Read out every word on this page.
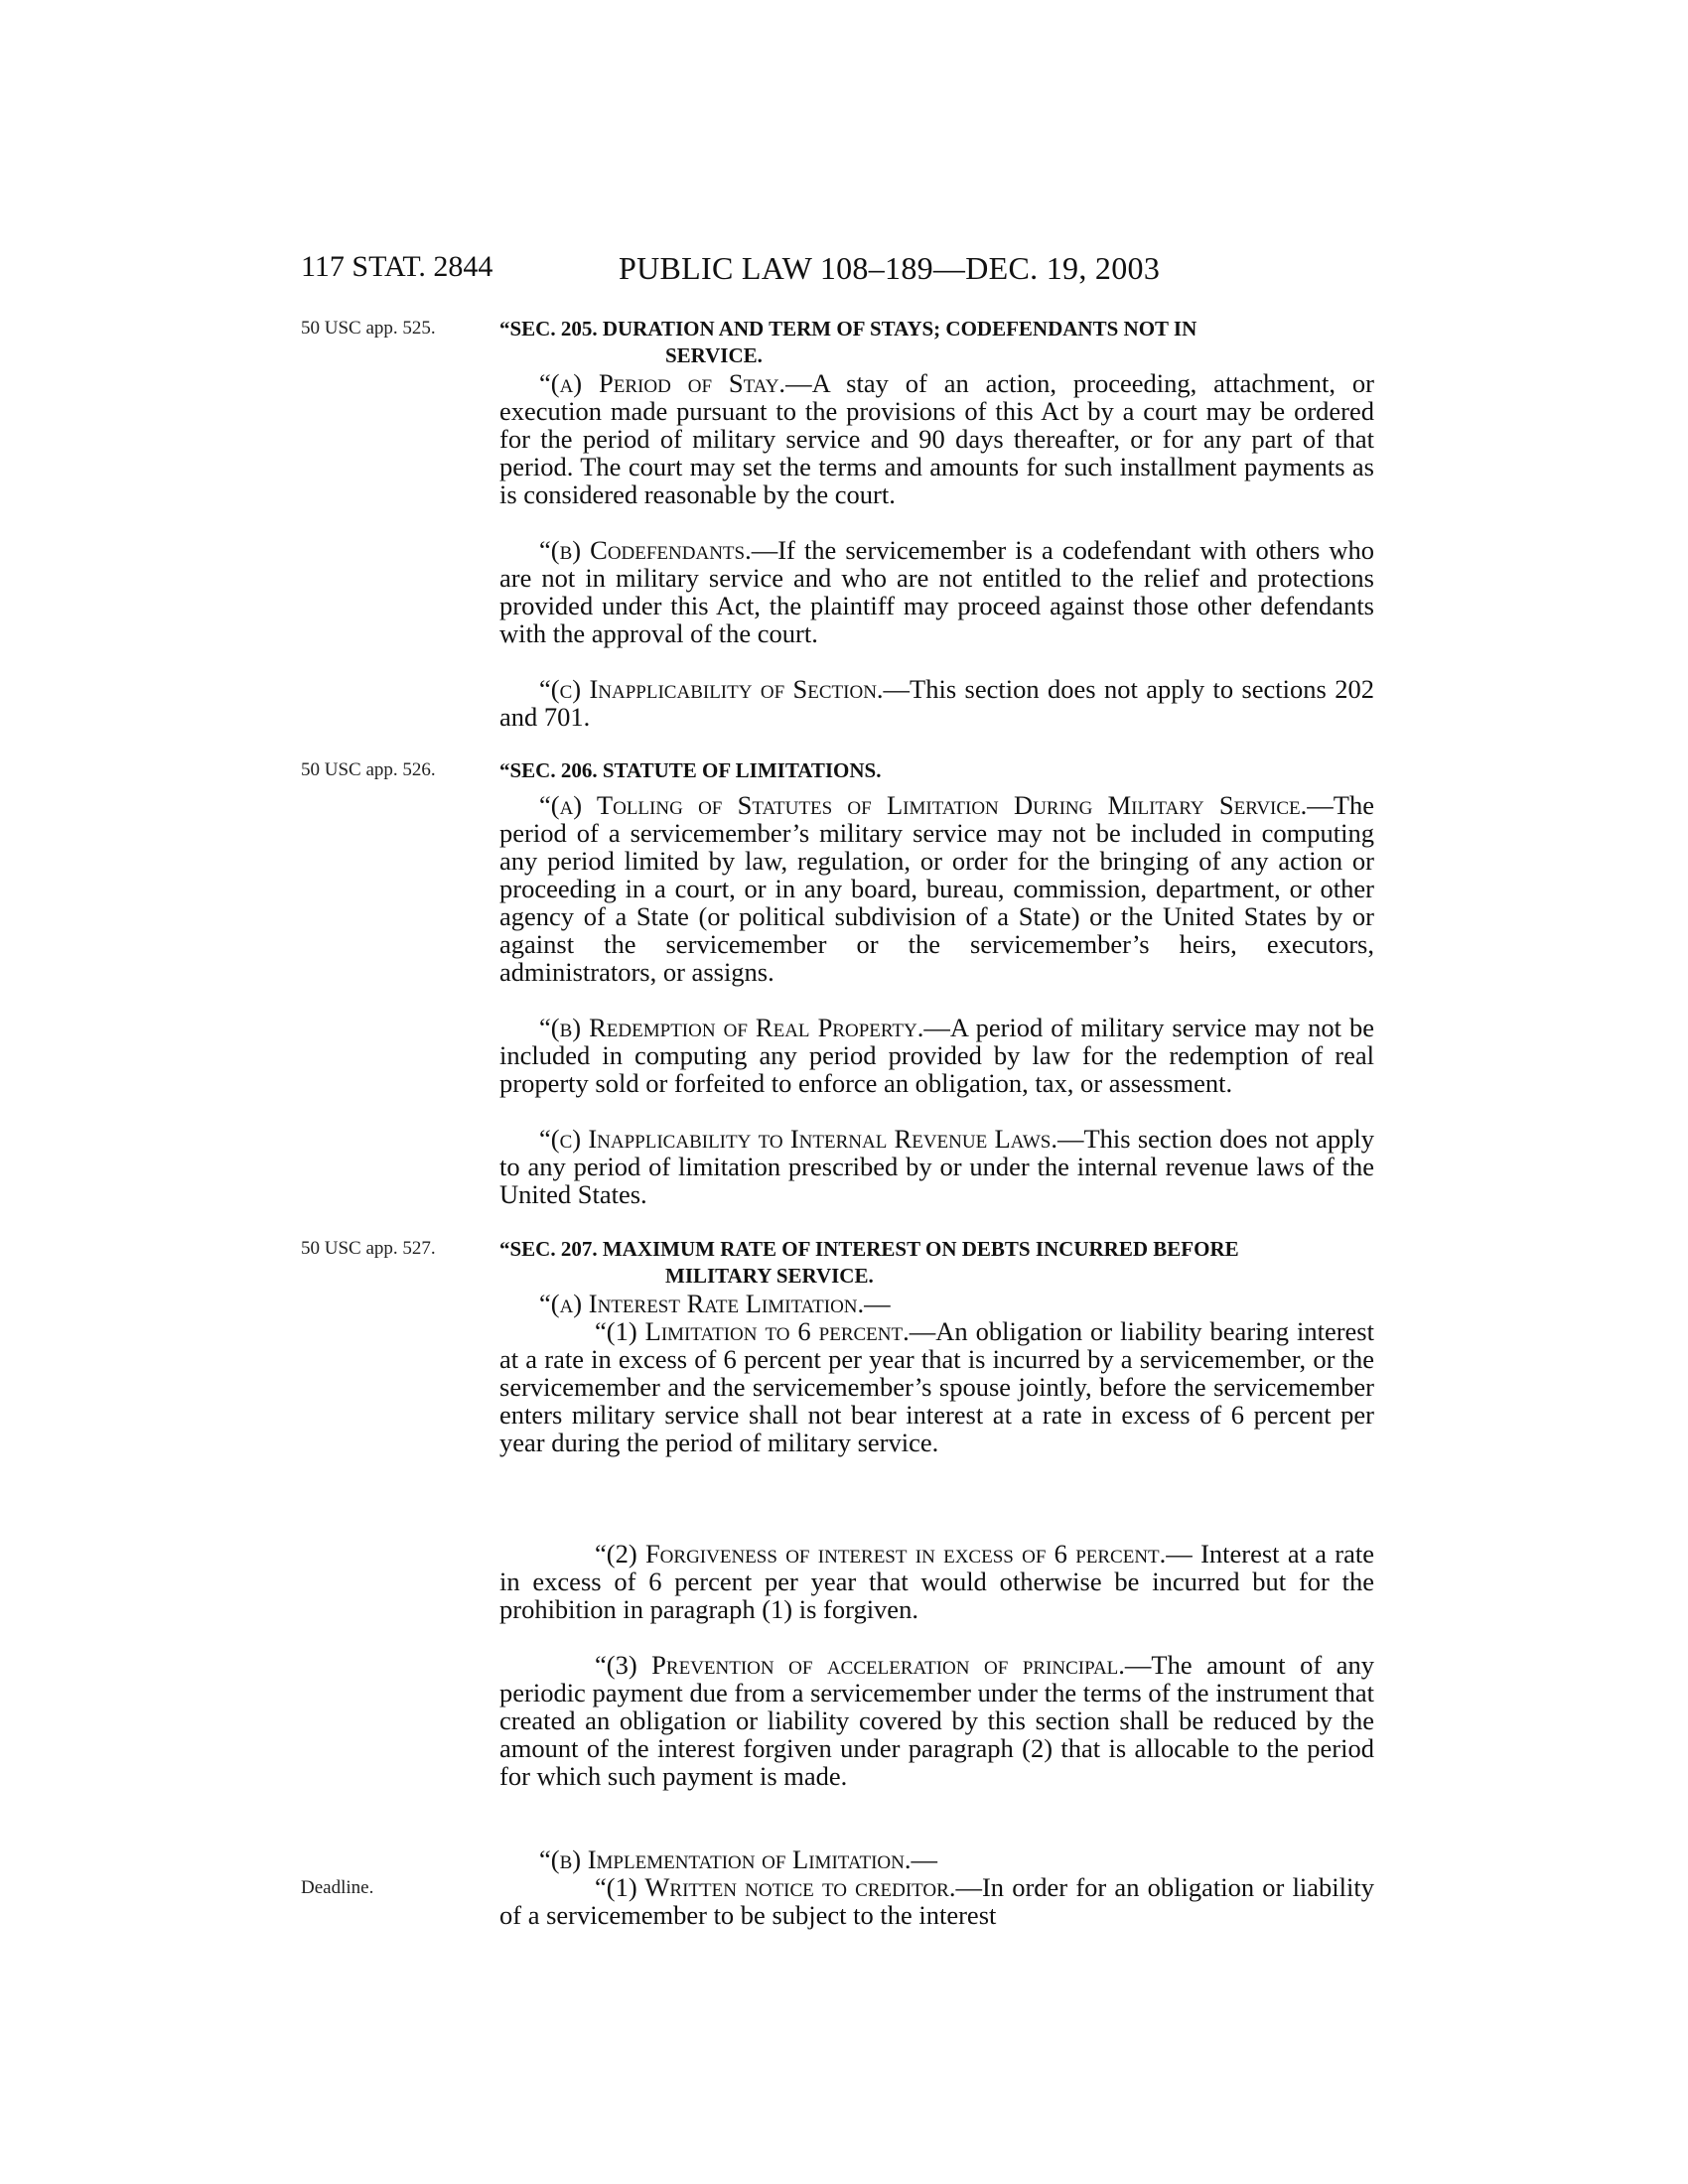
117 STAT. 2844	PUBLIC LAW 108–189—DEC. 19, 2003
50 USC app. 525.	“SEC. 205. DURATION AND TERM OF STAYS; CODEFENDANTS NOT IN
SERVICE.

“(a) Period of Stay.—A stay of an action, proceeding, attachment, or execution made pursuant to the provisions of this Act by a court may be ordered for the period of military service and 90 days thereafter, or for any part of that period. The court may set the terms and amounts for such installment payments as is considered reasonable by the court.

“(b) Codefendants.—If the servicemember is a codefendant with others who are not in military service and who are not entitled to the relief and protections provided under this Act, the plaintiff may proceed against those other defendants with the approval of the court.

“(c) Inapplicability of Section.—This section does not apply to sections 202 and 701.

50 USC app. 526.	“SEC. 206. STATUTE OF LIMITATIONS.

“(a) Tolling of Statutes of Limitation During Military Service.—The period of a servicemember’s military service may not be included in computing any period limited by law, regulation, or order for the bringing of any action or proceeding in a court, or in any board, bureau, commission, department, or other agency of a State (or political subdivision of a State) or the United States by or against the servicemember or the servicemember’s heirs, executors, administrators, or assigns.

“(b) Redemption of Real Property.—A period of military service may not be included in computing any period provided by law for the redemption of real property sold or forfeited to enforce an obligation, tax, or assessment.

“(c) Inapplicability to Internal Revenue Laws.—This section does not apply to any period of limitation prescribed by or under the internal revenue laws of the United States.

50 USC app. 527.	“SEC. 207. MAXIMUM RATE OF INTEREST ON DEBTS INCURRED BEFORE
MILITARY SERVICE.

“(a) Interest Rate Limitation.—

“(1) Limitation to 6 percent.—An obligation or liability bearing interest at a rate in excess of 6 percent per year that is incurred by a servicemember, or the servicemember and the servicemember’s spouse jointly, before the servicemember enters military service shall not bear interest at a rate in excess of 6 percent per year during the period of military service.

“(2) Forgiveness of interest in excess of 6 percent.— Interest at a rate in excess of 6 percent per year that would otherwise be incurred but for the prohibition in paragraph (1) is forgiven.

“(3) Prevention of acceleration of principal.—The amount of any periodic payment due from a servicemember under the terms of the instrument that created an obligation or liability covered by this section shall be reduced by the amount of the interest forgiven under paragraph (2) that is allocable to the period for which such payment is made.

“(b) Implementation of Limitation.—

Deadline.	“(1) Written notice to creditor.—In order for an obligation or liability of a servicemember to be subject to the interest
